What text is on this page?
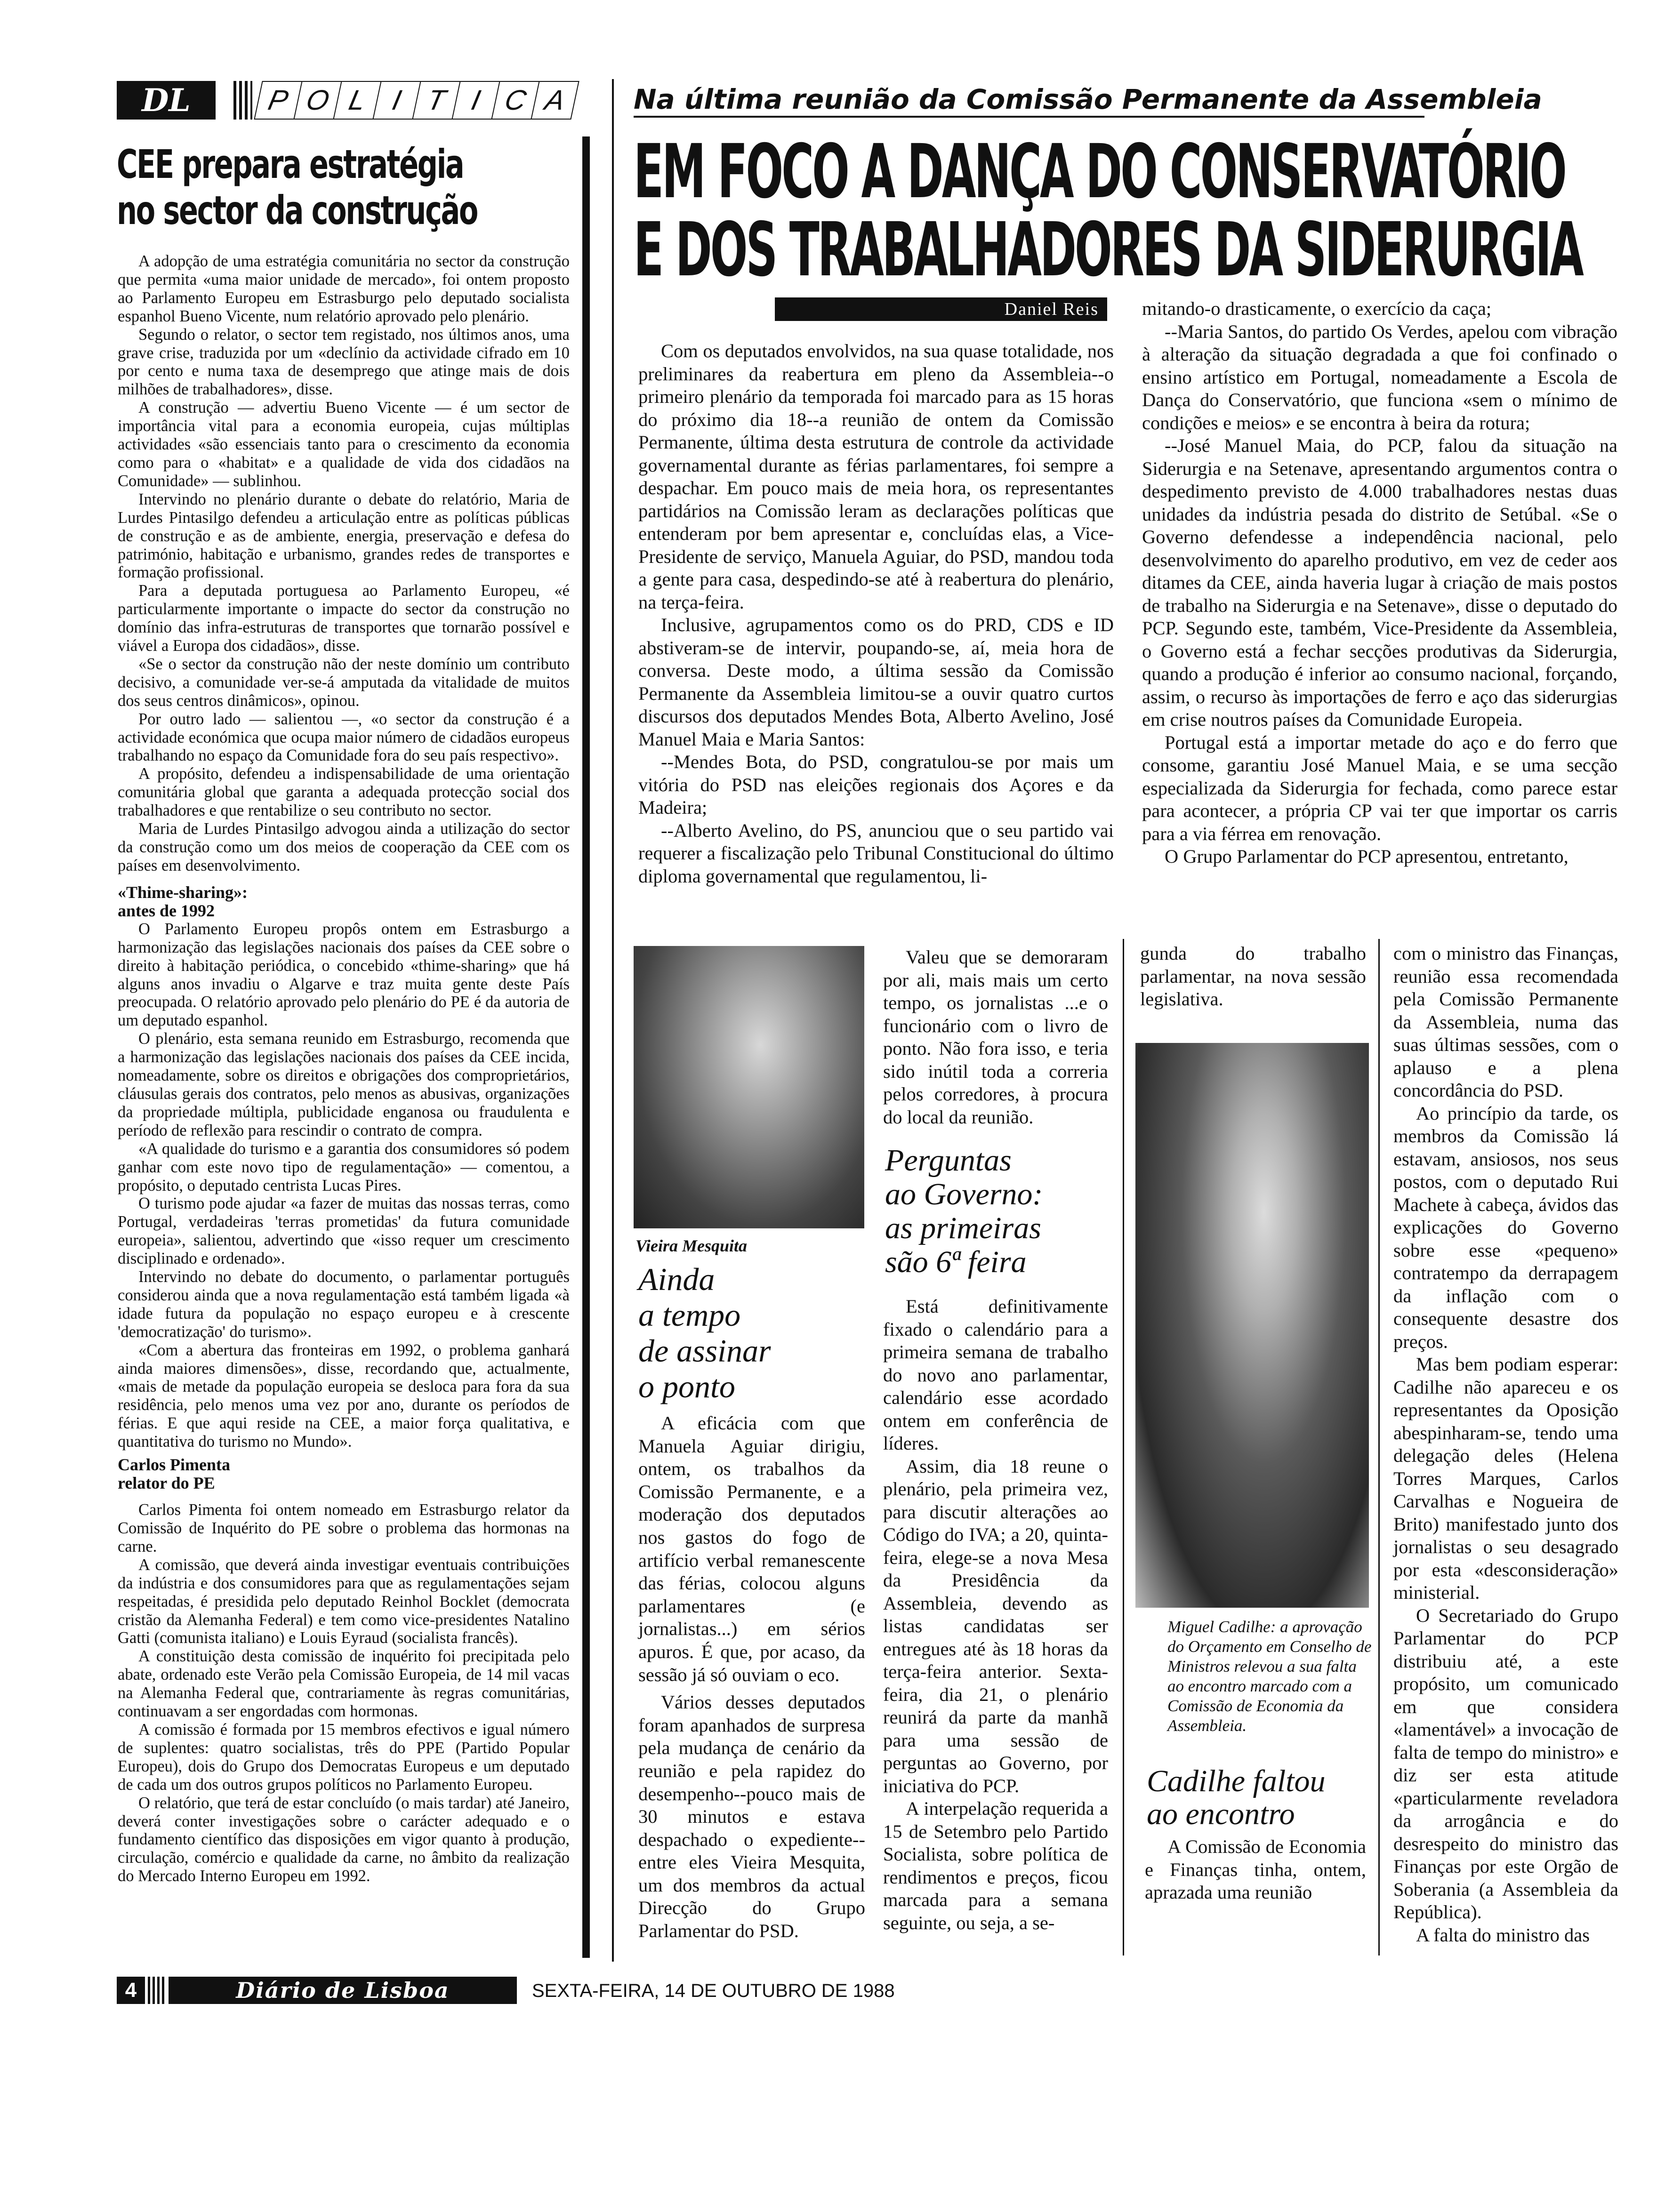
DL	P O L I T I C A
CEE prepara estratégia
no sector da construção

A adopção de uma estratégia comunitária no sector da construção que permita «uma maior unidade de mercado», foi ontem proposto ao Parlamento Europeu em Estrasburgo pelo deputado socialista espanhol Bueno Vicente, num relatório aprovado pelo plenário.

Segundo o relator, o sector tem registado, nos últimos anos, uma grave crise, traduzida por um «declínio da actividade cifrado em 10 por cento e numa taxa de desemprego que atinge mais de dois milhões de trabalhadores», disse.

A construção — advertiu Bueno Vicente — é um sector de importância vital para a economia europeia, cujas múltiplas actividades «são essenciais tanto para o crescimento da economia como para o «habitat» e a qualidade de vida dos cidadãos na Comunidade» — sublinhou.

Intervindo no plenário durante o debate do relatório, Maria de Lurdes Pintasilgo defendeu a articulação entre as políticas públicas de construção e as de ambiente, energia, preservação e defesa do património, habitação e urbanismo, grandes redes de transportes e formação profissional.

Para a deputada portuguesa ao Parlamento Europeu, «é particularmente importante o impacte do sector da construção no domínio das infra-estruturas de transportes que tornarão possível e viável a Europa dos cidadãos», disse.

«Se o sector da construção não der neste domínio um contributo decisivo, a comunidade ver-se-á amputada da vitalidade de muitos dos seus centros dinâmicos», opinou.

Por outro lado — salientou —, «o sector da construção é a actividade económica que ocupa maior número de cidadãos europeus trabalhando no espaço da Comunidade fora do seu país respectivo».

A propósito, defendeu a indispensabilidade de uma orientação comunitária global que garanta a adequada protecção social dos trabalhadores e que rentabilize o seu contributo no sector.

Maria de Lurdes Pintasilgo advogou ainda a utilização do sector da construção como um dos meios de cooperação da CEE com os países em desenvolvimento.

«Thime-sharing»:
antes de 1992

O Parlamento Europeu propôs ontem em Estrasburgo a harmonização das legislações nacionais dos países da CEE sobre o direito à habitação periódica, o concebido «thime-sharing» que há alguns anos invadiu o Algarve e traz muita gente deste País preocupada. O relatório aprovado pelo plenário do PE é da autoria de um deputado espanhol.

O plenário, esta semana reunido em Estrasburgo, recomenda que a harmonização das legislações nacionais dos países da CEE incida, nomeadamente, sobre os direitos e obrigações dos comproprietários, cláusulas gerais dos contratos, pelo menos as abusivas, organizações da propriedade múltipla, publicidade enganosa ou fraudulenta e período de reflexão para rescindir o contrato de compra.

«A qualidade do turismo e a garantia dos consumidores só podem ganhar com este novo tipo de regulamentação» — comentou, a propósito, o deputado centrista Lucas Pires.

O turismo pode ajudar «a fazer de muitas das nossas terras, como Portugal, verdadeiras 'terras prometidas' da futura comunidade europeia», salientou, advertindo que «isso requer um crescimento disciplinado e ordenado».

Intervindo no debate do documento, o parlamentar português considerou ainda que a nova regulamentação está também ligada «à idade futura da população no espaço europeu e à crescente 'democratização' do turismo».

«Com a abertura das fronteiras em 1992, o problema ganhará ainda maiores dimensões», disse, recordando que, actualmente, «mais de metade da população europeia se desloca para fora da sua residência, pelo menos uma vez por ano, durante os períodos de férias. E que aqui reside na CEE, a maior força qualitativa, e quantitativa do turismo no Mundo».

Carlos Pimenta
relator do PE

Carlos Pimenta foi ontem nomeado em Estrasburgo relator da Comissão de Inquérito do PE sobre o problema das hormonas na carne.

A comissão, que deverá ainda investigar eventuais contribuições da indústria e dos consumidores para que as regulamentações sejam respeitadas, é presidida pelo deputado Reinhol Bocklet (democrata cristão da Alemanha Federal) e tem como vice-presidentes Natalino Gatti (comunista italiano) e Louis Eyraud (socialista francês).

A constituição desta comissão de inquérito foi precipitada pelo abate, ordenado este Verão pela Comissão Europeia, de 14 mil vacas na Alemanha Federal que, contrariamente às regras comunitárias, continuavam a ser engordadas com hormonas.

A comissão é formada por 15 membros efectivos e igual número de suplentes: quatro socialistas, três do PPE (Partido Popular Europeu), dois do Grupo dos Democratas Europeus e um deputado de cada um dos outros grupos políticos no Parlamento Europeu.

O relatório, que terá de estar concluído (o mais tardar) até Janeiro, deverá conter investigações sobre o carácter adequado e o fundamento científico das disposições em vigor quanto à produção, circulação, comércio e qualidade da carne, no âmbito da realização do Mercado Interno Europeu em 1992.

Na última reunião da Comissão Permanente da Assembleia
EM FOCO A DANÇA DO CONSERVATÓRIO
E DOS TRABALHADORES DA SIDERURGIA
Daniel Reis

Com os deputados envolvidos, na sua quase totalidade, nos preliminares da reabertura em pleno da Assembleia--o primeiro plenário da temporada foi marcado para as 15 horas do próximo dia 18--a reunião de ontem da Comissão Permanente, última desta estrutura de controle da actividade governamental durante as férias parlamentares, foi sempre a despachar. Em pouco mais de meia hora, os representantes partidários na Comissão leram as declarações políticas que entenderam por bem apresentar e, concluídas elas, a Vice-Presidente de serviço, Manuela Aguiar, do PSD, mandou toda a gente para casa, despedindo-se até à reabertura do plenário, na terça-feira.

Inclusive, agrupamentos como os do PRD, CDS e ID abstiveram-se de intervir, poupando-se, aí, meia hora de conversa. Deste modo, a última sessão da Comissão Permanente da Assembleia limitou-se a ouvir quatro curtos discursos dos deputados Mendes Bota, Alberto Avelino, José Manuel Maia e Maria Santos:

--Mendes Bota, do PSD, congratulou-se por mais um vitória do PSD nas eleições regionais dos Açores e da Madeira;

--Alberto Avelino, do PS, anunciou que o seu partido vai requerer a fiscalização pelo Tribunal Constitucional do último diploma governamental que regulamentou, li-

mitando-o drasticamente, o exercício da caça;

--Maria Santos, do partido Os Verdes, apelou com vibração à alteração da situação degradada a que foi confinado o ensino artístico em Portugal, nomeadamente a Escola de Dança do Conservatório, que funciona «sem o mínimo de condições e meios» e se encontra à beira da rotura;

--José Manuel Maia, do PCP, falou da situação na Siderurgia e na Setenave, apresentando argumentos contra o despedimento previsto de 4.000 trabalhadores nestas duas unidades da indústria pesada do distrito de Setúbal. «Se o Governo defendesse a independência nacional, pelo desenvolvimento do aparelho produtivo, em vez de ceder aos ditames da CEE, ainda haveria lugar à criação de mais postos de trabalho na Siderurgia e na Setenave», disse o deputado do PCP. Segundo este, também, Vice-Presidente da Assembleia, o Governo está a fechar secções produtivas da Siderurgia, quando a produção é inferior ao consumo nacional, forçando, assim, o recurso às importações de ferro e aço das siderurgias em crise noutros países da Comunidade Europeia.

Portugal está a importar metade do aço e do ferro que consome, garantiu José Manuel Maia, e se uma secção especializada da Siderurgia for fechada, como parece estar para acontecer, a própria CP vai ter que importar os carris para a via férrea em renovação.

O Grupo Parlamentar do PCP apresentou, entretanto,

Vieira Mesquita
Ainda
a tempo
de assinar
o ponto

A eficácia com que Manuela Aguiar dirigiu, ontem, os trabalhos da Comissão Permanente, e a moderação dos deputados nos gastos do fogo de artifício verbal remanescente das férias, colocou alguns parlamentares (e jornalistas...) em sérios apuros. É que, por acaso, da sessão já só ouviam o eco.

Vários desses deputados foram apanhados de surpresa pela mudança de cenário da reunião e pela rapidez do desempenho--pouco mais de 30 minutos e estava despachado o expediente--entre eles Vieira Mesquita, um dos membros da actual Direcção do Grupo Parlamentar do PSD.

Valeu que se demoraram por ali, mais mais um certo tempo, os jornalistas ...e o funcionário com o livro de ponto. Não fora isso, e teria sido inútil toda a correria pelos corredores, à procura do local da reunião.

Perguntas
ao Governo:
as primeiras
são 6ª feira

Está definitivamente fixado o calendário para a primeira semana de trabalho do novo ano parlamentar, calendário esse acordado ontem em conferência de líderes.

Assim, dia 18 reune o plenário, pela primeira vez, para discutir alterações ao Código do IVA; a 20, quinta-feira, elege-se a nova Mesa da Presidência da Assembleia, devendo as listas candidatas ser entregues até às 18 horas da terça-feira anterior. Sexta-feira, dia 21, o plenário reunirá da parte da manhã para uma sessão de perguntas ao Governo, por iniciativa do PCP.

A interpelação requerida a 15 de Setembro pelo Partido Socialista, sobre política de rendimentos e preços, ficou marcada para a semana seguinte, ou seja, a se-

gunda do trabalho parlamentar, na nova sessão legislativa.

Miguel Cadilhe: a aprovação do Orçamento em Conselho de Ministros relevou a sua falta ao encontro marcado com a Comissão de Economia da Assembleia.
Cadilhe faltou
ao encontro

A Comissão de Economia e Finanças tinha, ontem, aprazada uma reunião

com o ministro das Finanças, reunião essa recomendada pela Comissão Permanente da Assembleia, numa das suas últimas sessões, com o aplauso e a plena concordância do PSD.

Ao princípio da tarde, os membros da Comissão lá estavam, ansiosos, nos seus postos, com o deputado Rui Machete à cabeça, ávidos das explicações do Governo sobre esse «pequeno» contratempo da derrapagem da inflação com o consequente desastre dos preços.

Mas bem podiam esperar: Cadilhe não apareceu e os representantes da Oposição abespinharam-se, tendo uma delegação deles (Helena Torres Marques, Carlos Carvalhas e Nogueira de Brito) manifestado junto dos jornalistas o seu desagrado por esta «desconsideração» ministerial.

O Secretariado do Grupo Parlamentar do PCP distribuiu até, a este propósito, um comunicado em que considera «lamentável» a invocação de falta de tempo do ministro» e diz ser esta atitude «particularmente reveladora da arrogância e do desrespeito do ministro das Finanças por este Orgão de Soberania (a Assembleia da República).

A falta do ministro das

4	Diário de Lisboa	SEXTA-FEIRA, 14 DE OUTUBRO DE 1988
